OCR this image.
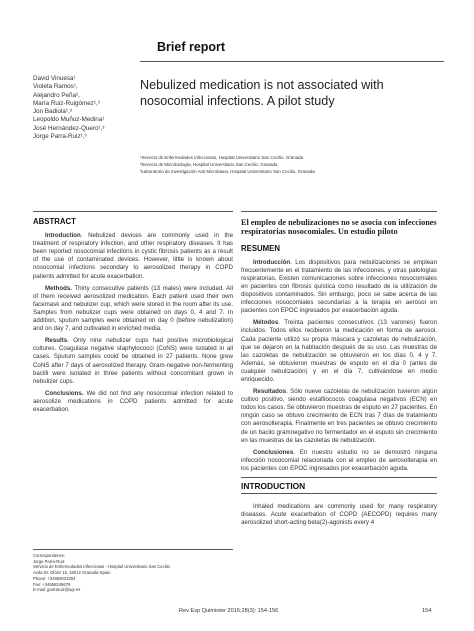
Brief report
David Vinuesa¹
Violeta Ramos¹,
Alejandro Peña²,
María Ruiz-Ruigómez¹,³
Jon Badiola¹,³
Leopoldo Muñoz-Medina¹
José Hernández-Quero¹,³
Jorge Parra-Ruiz¹,³
Nebulized medication is not associated with
nosocomial infections. A pilot study
¹Servicio de Enfermedades Infecciosas, Hospital Universitario San Cecilio. Granada
²Servicio de Microbiología, Hospital Universitario San Cecilio. Granada
³Laboratorio de Investigación Anti Microbiana, Hospital Universitario San Cecilio. Granada
ABSTRACT

Introduction. Nebulized devices are commonly used in the treatment of respiratory infection, and other respiratory diseases. It has been reported nosocomial infections in cystic fibrosis patients as a result of the use of contaminated devices. However, little is known about nosocomial infections secondary to aerosolized therapy in COPD patients admitted for acute exacerbation.

Methods. Thirty consecutive patients (13 males) were included. All of them received aerosolized medication. Each patient used their own facemask and nebulizer cup, which were stored in the room after its use. Samples from nebulizer cups were obtained on days 0, 4 and 7. In addition, sputum samples were obtained on day 0 (before nebulization) and on day 7, and cultivated in enriched media.

Results. Only nine nebulizer cups had positive microbiological cultures. Coagulase negative staphylococci (CoNS) were isolated in all cases. Sputum samples could be obtained in 27 patients. None grew CoNS after 7 days of aerosolized therapy. Gram-negative non-fermenting bacilli were isolated in three patients without concomitant grown in nebulizer cups.

Conclusions. We did not find any nosocomial infection related to aerosolize medications in COPD patients admitted for acute exacerbation.

El empleo de nebulizaciones no se asocia con infecciones respiratorias nosocomiales. Un estudio piloto
RESUMEN

Introducción. Los dispositivos para nebulizaciones se emplean frecuentemente en el tratamiento de las infecciones, y otras patologías respiratorias. Existen comunicaciones sobre infecciones nosocomiales en pacientes con fibrosis quística como resultado de la utilización de dispositivos contaminados. Sin embargo, poco se sabe acerca de las infecciones nosocomiales secundarias a la terapia en aerosol en pacientes con EPOC ingresados por exacerbación aguda.

Métodos. Treinta pacientes consecutivos (13 varones) fueron incluidos. Todos ellos recibieron la medicación en forma de aerosol. Cada paciente utilizó su propia máscara y cazoletas de nebulización, que se dejaron en la habitación después de su uso. Las muestras de las cazoletas de nebulización se obtuvieron en los días 0, 4 y 7. Además, se obtuvieron muestras de esputo en el día 0 (antes de cualquier nebulización) y en el día 7, cultivándose en medio enriquecido.

Resultados. Sólo nueve cazoletas de nebulización tuvieron algún cultivo positivo, siendo estafilococos coagulasa negativos (ECN) en todos los casos. Se obtuvieron muestras de esputo en 27 pacientes. En ningún caso se obtuvo crecimiento de ECN tras 7 días de tratamiento con aerosolterapia. Finalmente en tres pacientes se obtuvo crecimiento de un bacilo gramnegativo no fermentador en el esputo sin crecimiento en las muestras de las cazoletas de nebulización.

Conclusiones. En nuestro estudio no se demostró ninguna infección nosocomial relacionada con el empleo de aerosolterapia en los pacientes con EPOC ingresados por exacerbación aguda.

INTRODUCTION

Inhaled medications are commonly used for many respiratory diseases. Acute exacerbation of COPD (AECOPD) requires many aerosolized short-acting beta(2)-agonists every 4

Correspondence:
Jorge Parra-Ruiz
Servicio de Enfermedades Infecciosas - Hospital Universitario San Cecilio
Avda Dr. Olóriz 16, 18012 Granada-Spain
Phone: +34958023304
Fax: +34958249679
E-mail: jparraruiz@ugr.es
Rev Esp Quimioter 2015;28(3): 154-156	154
